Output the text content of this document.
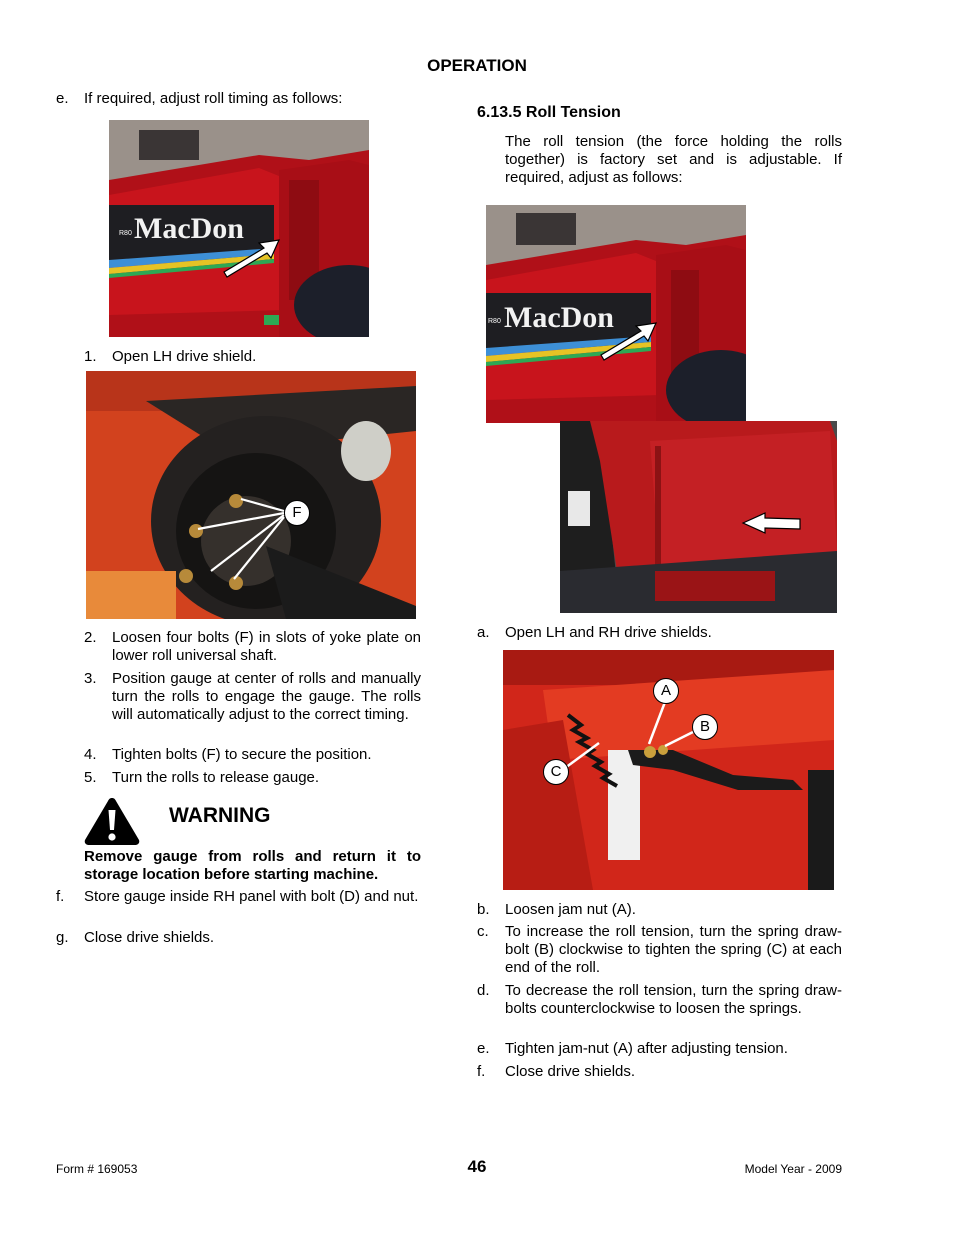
OPERATION
e. If required, adjust roll timing as follows:
R80 MacDon
1. Open LH drive shield.
F
2. Loosen four bolts (F) in slots of yoke plate on lower roll universal shaft.
3. Position gauge at center of rolls and manually turn the rolls to engage the gauge. The rolls will automatically adjust to the correct timing.
4. Tighten bolts (F) to secure the position.
5. Turn the rolls to release gauge.
WARNING
Remove gauge from rolls and return it to storage location before starting machine.
f. Store gauge inside RH panel with bolt (D) and nut.
g. Close drive shields.
6.13.5 Roll Tension
The roll tension (the force holding the rolls together) is factory set and is adjustable. If required, adjust as follows:
R80 MacDon
a. Open LH and RH drive shields.
A
B
C
b. Loosen jam nut (A).
c. To increase the roll tension, turn the spring draw-bolt (B) clockwise to tighten the spring (C) at each end of the roll.
d. To decrease the roll tension, turn the spring draw-bolts counterclockwise to loosen the springs.
e. Tighten jam-nut (A) after adjusting tension.
f. Close drive shields.
Form # 169053	46	Model Year - 2009
